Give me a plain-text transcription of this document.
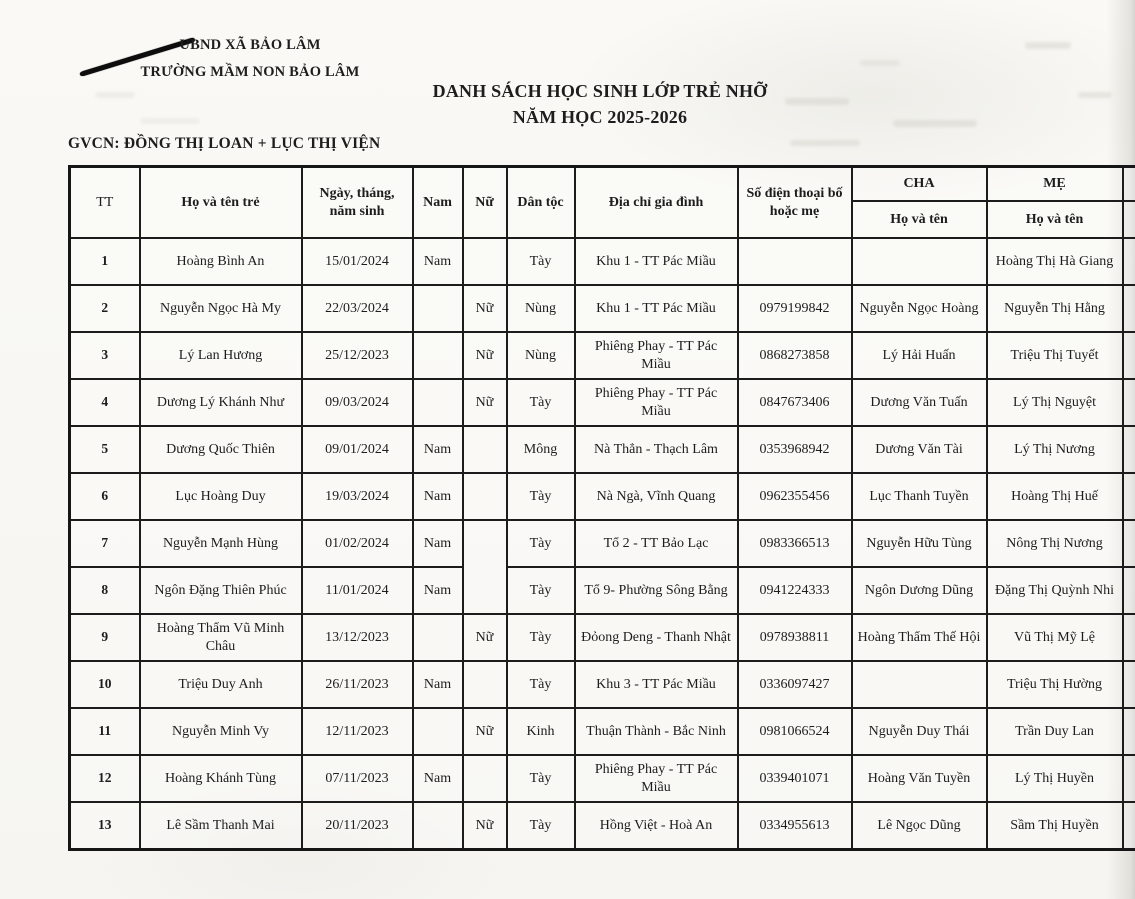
UBND XÃ BẢO LÂM
TRƯỜNG MẦM NON BẢO LÂM
DANH SÁCH HỌC SINH LỚP TRẺ NHỠ
NĂM HỌC 2025-2026
GVCN: ĐỒNG THỊ LOAN + LỤC THỊ VIỆN
TT	Họ và tên trẻ	Ngày, tháng, năm sinh	Nam	Nữ	Dân tộc	Địa chỉ gia đình	Số điện thoại bố hoặc mẹ	CHA	MẸ	
								Họ và tên	Họ và tên	
1	Hoàng Bình An	15/01/2024	Nam		Tày	Khu 1 - TT Pác Miầu			Hoàng Thị Hà Giang	
2	Nguyễn Ngọc Hà My	22/03/2024		Nữ	Nùng	Khu 1 - TT Pác Miầu	0979199842	Nguyễn Ngọc Hoàng	Nguyễn Thị Hằng	
3	Lý Lan Hương	25/12/2023		Nữ	Nùng	Phiêng Phay - TT Pác Miầu	0868273858	Lý Hải Huấn	Triệu Thị Tuyết	
4	Dương Lý Khánh Như	09/03/2024		Nữ	Tày	Phiêng Phay - TT Pác Miầu	0847673406	Dương Văn Tuấn	Lý Thị Nguyệt	
5	Dương Quốc Thiên	09/01/2024	Nam		Mông	Nà Thẳn - Thạch Lâm	0353968942	Dương Văn Tài	Lý Thị Nương	
6	Lục Hoàng Duy	19/03/2024	Nam		Tày	Nà Ngà, Vĩnh Quang	0962355456	Lục Thanh Tuyền	Hoàng Thị Huế	
7	Nguyễn Mạnh Hùng	01/02/2024	Nam		Tày	Tổ 2 - TT Bảo Lạc	0983366513	Nguyễn Hữu Tùng	Nông Thị Nương	
8	Ngôn Đặng Thiên Phúc	11/01/2024	Nam		Tày	Tổ 9- Phường Sông Bằng	0941224333	Ngôn Dương Dũng	Đặng Thị Quỳnh Nhi	
9	Hoàng Thẩm Vũ Minh Châu	13/12/2023		Nữ	Tày	Đỏong Deng - Thanh Nhật	0978938811	Hoàng Thẩm Thế Hội	Vũ Thị Mỹ Lệ	
10	Triệu Duy Anh	26/11/2023	Nam		Tày	Khu 3 - TT Pác Miầu	0336097427		Triệu Thị Hường	
11	Nguyễn Minh Vy	12/11/2023		Nữ	Kinh	Thuận Thành - Bắc Ninh	0981066524	Nguyễn Duy Thái	Trần Duy Lan	
12	Hoàng Khánh Tùng	07/11/2023	Nam		Tày	Phiêng Phay - TT Pác Miầu	0339401071	Hoàng Văn Tuyền	Lý Thị Huyền	
13	Lê Sầm Thanh Mai	20/11/2023		Nữ	Tày	Hồng Việt - Hoà An	0334955613	Lê Ngọc Dũng	Sầm Thị Huyền	
